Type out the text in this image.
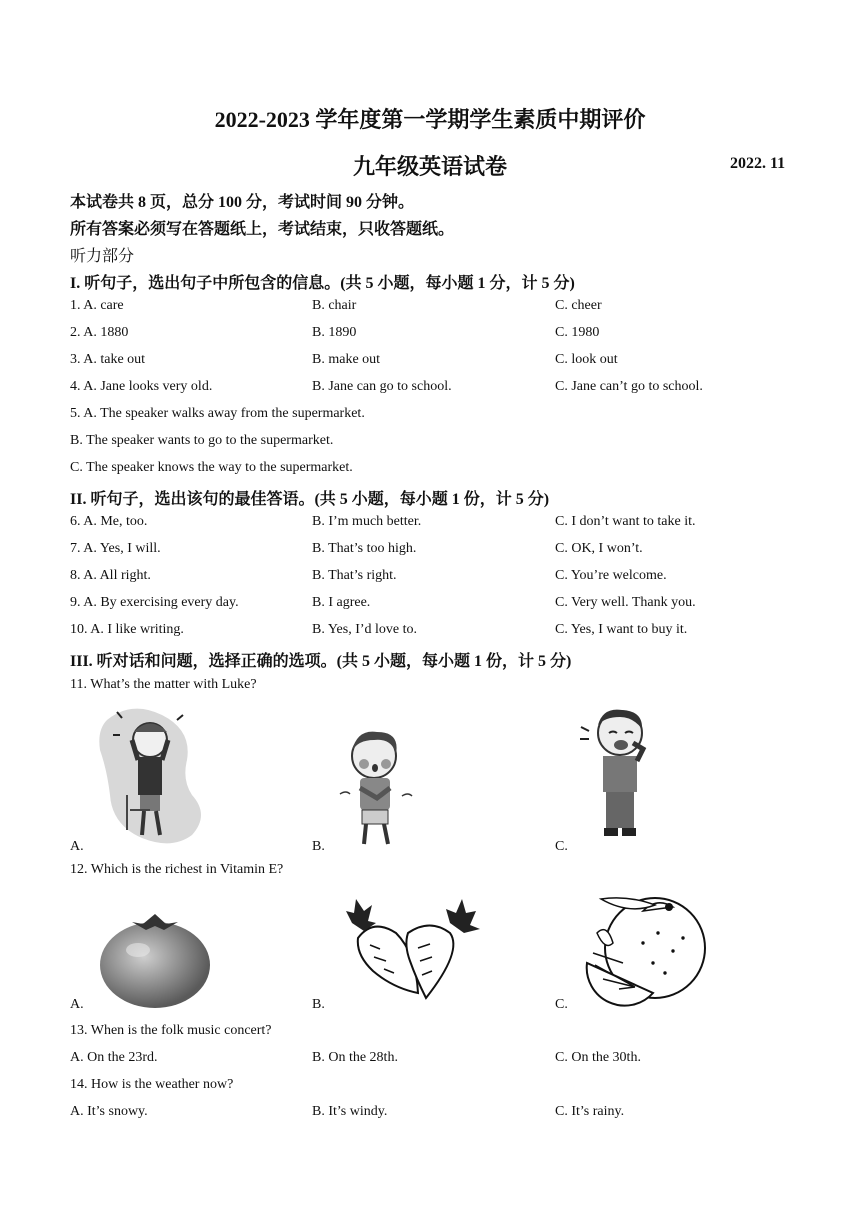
2022-2023 学年度第一学期学生素质中期评价
九年级英语试卷	2022. 11
本试卷共 8 页，总分 100 分，考试时间 90 分钟。
所有答案必须写在答题纸上，考试结束，只收答题纸。
听力部分
I. 听句子，选出句子中所包含的信息。(共 5 小题，每小题 1 分，计 5 分)
1. A. care	B. chair	C. cheer
2. A. 1880	B. 1890	C. 1980
3. A. take out	B. make out	C. look out
4. A. Jane looks very old.	B. Jane can go to school.	C. Jane can’t go to school.
5. A. The speaker walks away from the supermarket.
B. The speaker wants to go to the supermarket.
C. The speaker knows the way to the supermarket.
II. 听句子，选出该句的最佳答语。(共 5 小题，每小题 1 份，计 5 分)
6. A. Me, too.	B. I’m much better.	C. I don’t want to take it.
7. A. Yes, I will.	B. That’s too high.	C. OK, I won’t.
8. A. All right.	B. That’s right.	C. You’re welcome.
9. A. By exercising every day.	B. I agree.	C. Very well. Thank you.
10. A. I like writing.	B. Yes, I’d love to.	C. Yes, I want to buy it.
III. 听对话和问题，选择正确的选项。(共 5 小题，每小题 1 份，计 5 分)
11. What’s the matter with Luke?
A.	B.	C.
12. Which is the richest in Vitamin E?
A.	B.	C.
13. When is the folk music concert?
A. On the 23rd.	B. On the 28th.	C. On the 30th.
14. How is the weather now?
A. It’s snowy.	B. It’s windy.	C. It’s rainy.
